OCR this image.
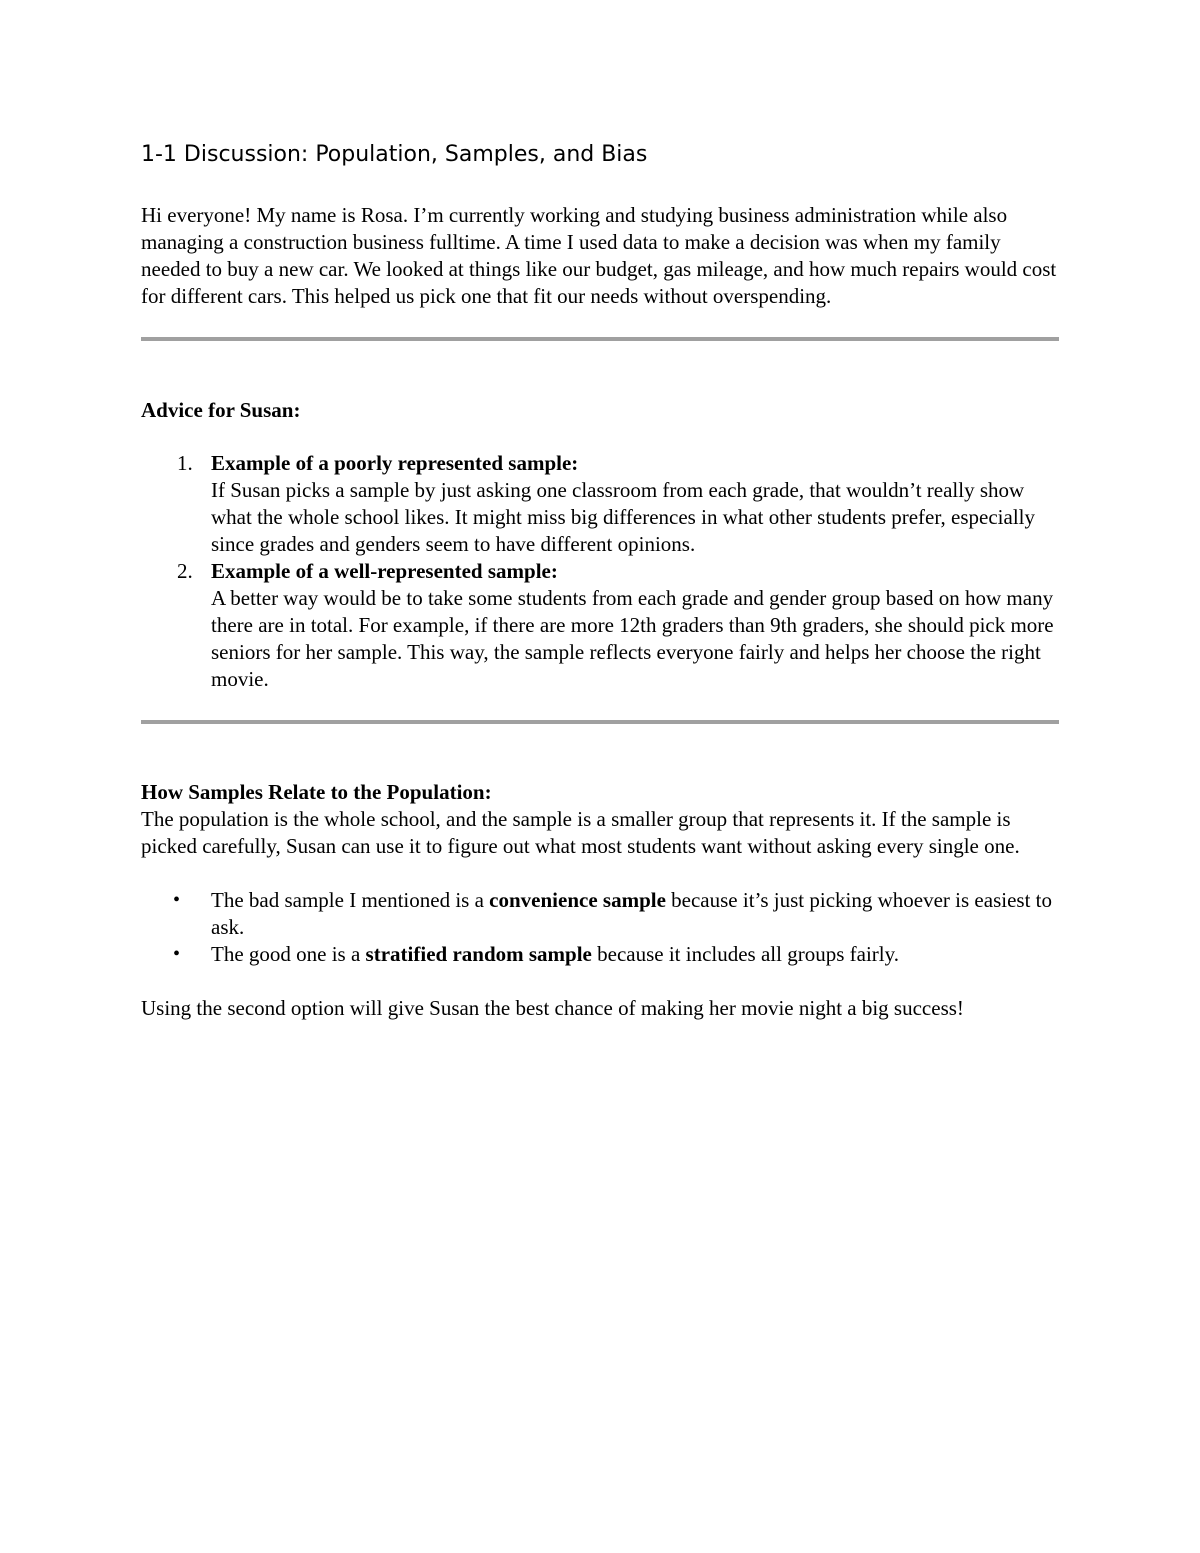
1-1 Discussion: Population, Samples, and Bias

Hi everyone! My name is Rosa. I’m currently working and studying business administration while also managing a construction business fulltime. A time I used data to make a decision was when my family needed to buy a new car. We looked at things like our budget, gas mileage, and how much repairs would cost for different cars. This helped us pick one that fit our needs without overspending.

Advice for Susan:

1. Example of a poorly represented sample:
If Susan picks a sample by just asking one classroom from each grade, that wouldn’t really show what the whole school likes. It might miss big differences in what other students prefer, especially since grades and genders seem to have different opinions.
2. Example of a well-represented sample:
A better way would be to take some students from each grade and gender group based on how many there are in total. For example, if there are more 12th graders than 9th graders, she should pick more seniors for her sample. This way, the sample reflects everyone fairly and helps her choose the right movie.

How Samples Relate to the Population:

The population is the whole school, and the sample is a smaller group that represents it. If the sample is picked carefully, Susan can use it to figure out what most students want without asking every single one.

• The bad sample I mentioned is a convenience sample because it’s just picking whoever is easiest to ask.
• The good one is a stratified random sample because it includes all groups fairly.

Using the second option will give Susan the best chance of making her movie night a big success!
